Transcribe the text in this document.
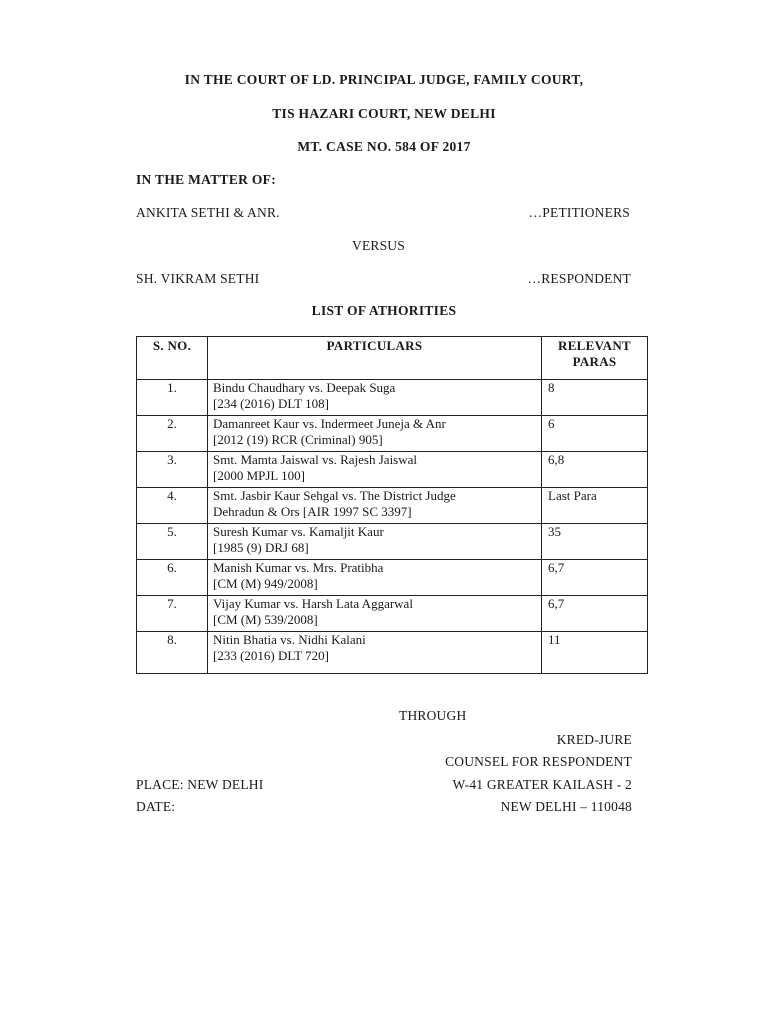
IN THE COURT OF LD. PRINCIPAL JUDGE, FAMILY COURT,
TIS HAZARI COURT, NEW DELHI
MT. CASE NO. 584 OF 2017
IN THE MATTER OF:
ANKITA SETHI & ANR.	…PETITIONERS
VERSUS
SH. VIKRAM SETHI	…RESPONDENT
LIST OF ATHORITIES
S. NO.	PARTICULARS	RELEVANT
PARAS

1.	Bindu Chaudhary vs. Deepak Suga
[234 (2016) DLT 108]	8
2.	Damanreet Kaur vs. Indermeet Juneja & Anr
[2012 (19) RCR (Criminal) 905]	6
3.	Smt. Mamta Jaiswal vs. Rajesh Jaiswal
[2000 MPJL 100]	6,8
4.	Smt. Jasbir Kaur Sehgal vs. The District Judge
Dehradun & Ors [AIR 1997 SC 3397]	Last Para
5.	Suresh Kumar vs. Kamaljit Kaur
[1985 (9) DRJ 68]	35
6.	Manish Kumar vs. Mrs. Pratibha
[CM (M) 949/2008]	6,7
7.	Vijay Kumar vs. Harsh Lata Aggarwal
[CM (M) 539/2008]	6,7
8.	Nitin Bhatia vs. Nidhi Kalani
[233 (2016) DLT 720]	11
THROUGH
KRED-JURE
COUNSEL FOR RESPONDENT
PLACE: NEW DELHI	W-41 GREATER KAILASH - 2
DATE:	NEW DELHI – 110048
